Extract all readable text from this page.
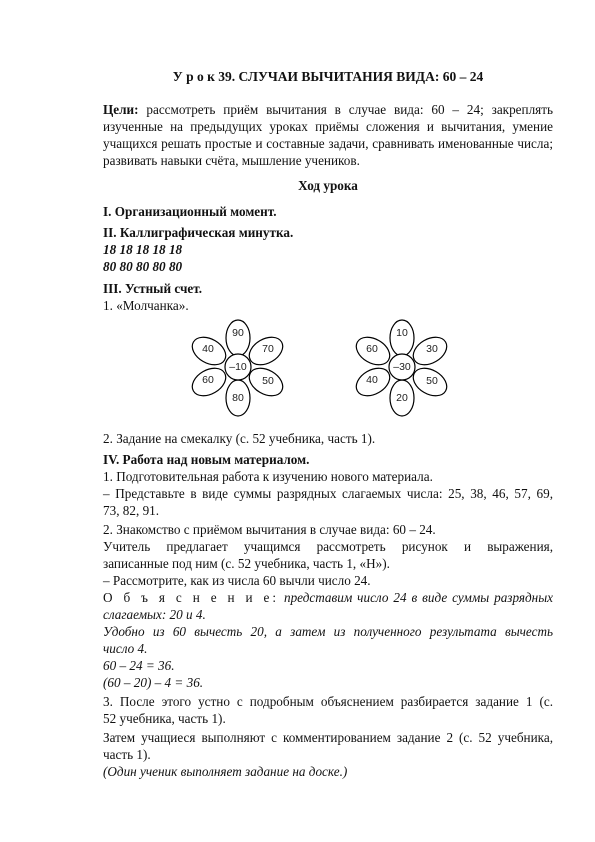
У р о к 39. СЛУЧАИ ВЫЧИТАНИЯ ВИДА: 60 – 24
Цели: рассмотреть приём вычитания в случае вида: 60 – 24; закреплять
изученные на предыдущих уроках приёмы сложения и вычитания, умение
учащихся решать простые и составные задачи, сравнивать именованные числа;
развивать навыки счёта, мышление учеников.
Ход урока
I. Организационный момент.
II. Каллиграфическая минутка.
18 18 18 18 18
80 80 80 80 80
III. Устный счет.
1. «Молчанка».
–10
90
70
50
80
60
40
–30
10
30
50
20
40
60
2. Задание на смекалку (с. 52 учебника, часть 1).
IV. Работа над новым материалом.
1. Подготовительная работа к изучению нового материала.
– Представьте в виде суммы разрядных слагаемых числа: 25, 38, 46, 57, 69,
73, 82, 91.
2. Знакомство с приёмом вычитания в случае вида: 60 – 24.
Учитель предлагает учащимся рассмотреть рисунок и выражения,
записанные под ним (с. 52 учебника, часть 1, «Н»).
– Рассмотрите, как из числа 60 вычли число 24.
О б ъ я с н е н и е: представим число 24 в виде суммы разрядных
слагаемых: 20 и 4.
Удобно из 60 вычесть 20, а затем из полученного результата вычесть
число 4.
60 – 24 = 36.
(60 – 20) – 4 = 36.
3. После этого устно с подробным объяснением разбирается задание 1 (с.
52 учебника, часть 1).
Затем учащиеся выполняют с комментированием задание 2 (с. 52 учебника,
часть 1).
(Один ученик выполняет задание на доске.)
